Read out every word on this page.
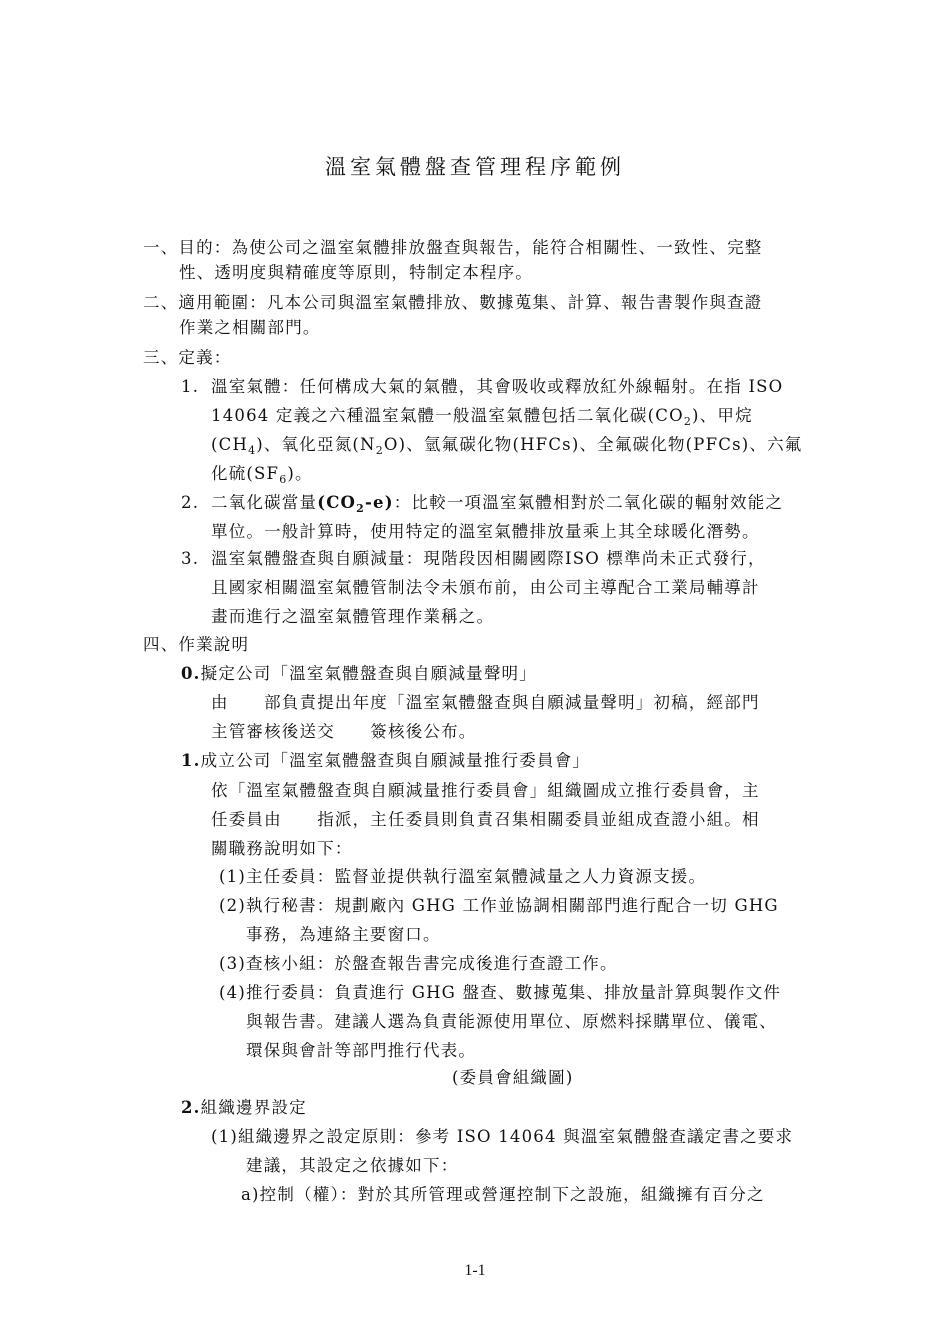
溫室氣體盤查管理程序範例
一、目的：為使公司之溫室氣體排放盤查與報告，能符合相關性、一致性、完整
性、透明度與精確度等原則，特制定本程序。
二、適用範圍：凡本公司與溫室氣體排放、數據蒐集、計算、報告書製作與查證
作業之相關部門。
三、定義：
1. 溫室氣體：任何構成大氣的氣體，其會吸收或釋放紅外線輻射。在指 ISO
14064 定義之六種溫室氣體一般溫室氣體包括二氧化碳$(CO_2)$、甲烷
$(CH_4)$、氧化亞氮$(N_2O)$、氫氟碳化物(HFCs)、全氟碳化物(PFCs)、六氟
化硫$(SF_6)$。
2. 二氧化碳當量$(CO_2-e)$：比較一項溫室氣體相對於二氧化碳的輻射效能之
單位。一般計算時，使用特定的溫室氣體排放量乘上其全球暖化潛勢。
3. 溫室氣體盤查與自願減量：現階段因相關國際ISO 標準尚未正式發行，
且國家相關溫室氣體管制法令未頒布前，由公司主導配合工業局輔導計
畫而進行之溫室氣體管理作業稱之。
四、作業說明
0.擬定公司「溫室氣體盤查與自願減量聲明」
由　　部負責提出年度「溫室氣體盤查與自願減量聲明」初稿，經部門
主管審核後送交　　簽核後公布。
1.成立公司「溫室氣體盤查與自願減量推行委員會」
依「溫室氣體盤查與自願減量推行委員會」組織圖成立推行委員會，主
任委員由　　指派，主任委員則負責召集相關委員並組成查證小組。相
關職務說明如下：
(1)主任委員：監督並提供執行溫室氣體減量之人力資源支援。
(2)執行秘書：規劃廠內 GHG 工作並協調相關部門進行配合一切 GHG
事務，為連絡主要窗口。
(3)查核小組：於盤查報告書完成後進行查證工作。
(4)推行委員：負責進行 GHG 盤查、數據蒐集、排放量計算與製作文件
與報告書。建議人選為負責能源使用單位、原燃料採購單位、儀電、
環保與會計等部門推行代表。
(委員會組織圖)
2.組織邊界設定
(1)組織邊界之設定原則：參考 ISO 14064 與溫室氣體盤查議定書之要求
建議，其設定之依據如下：
a)控制（權）：對於其所管理或營運控制下之設施，組織擁有百分之
1-1
